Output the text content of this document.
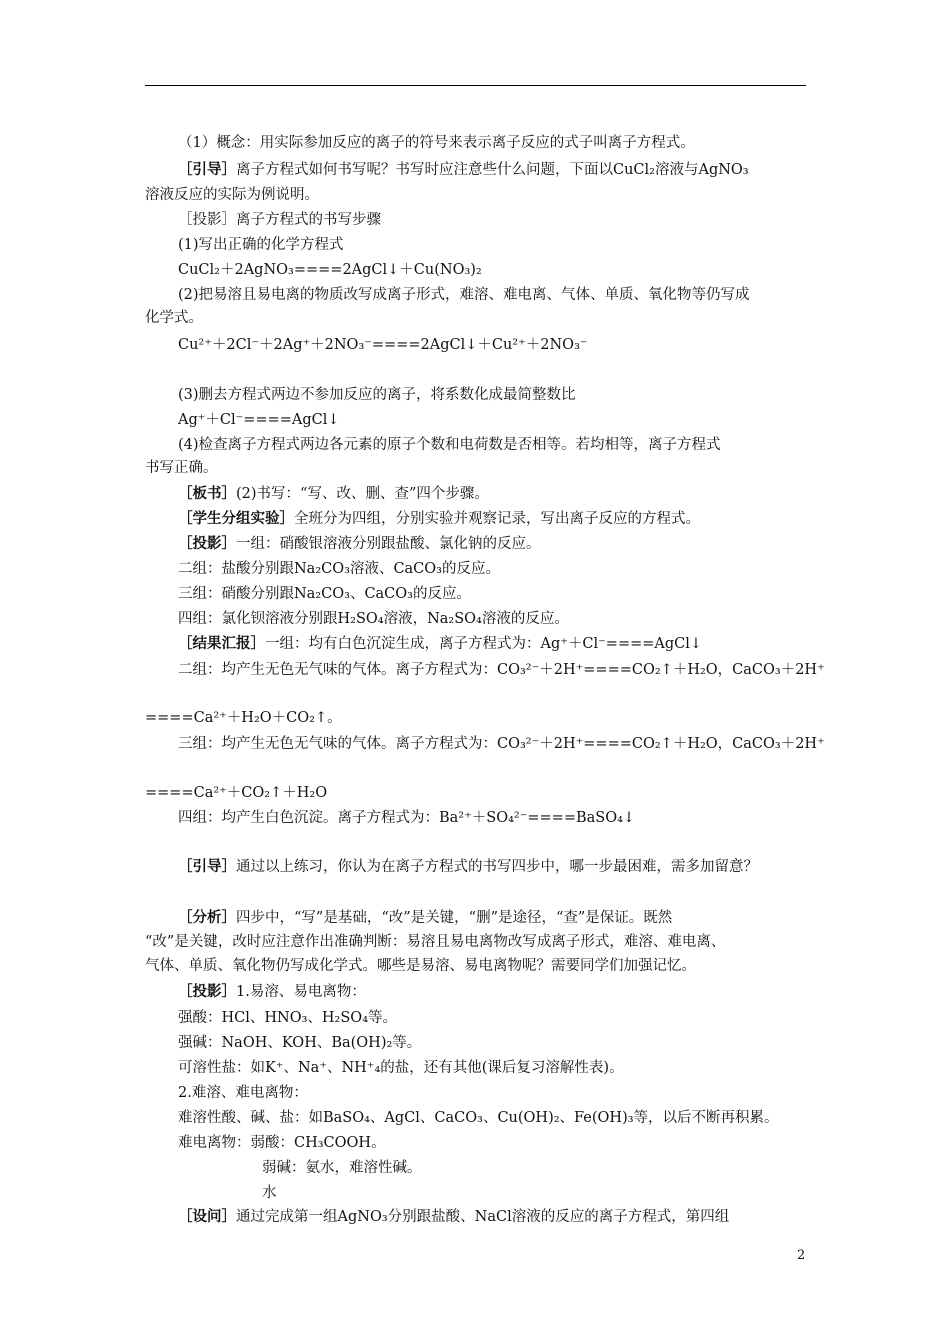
（1）概念：用实际参加反应的离子的符号来表示离子反应的式子叫离子方程式。
［引导］离子方程式如何书写呢？书写时应注意些什么问题，下面以CuCl₂溶液与AgNO₃
溶液反应的实际为例说明。
［投影］离子方程式的书写步骤
(1)写出正确的化学方程式
CuCl₂＋2AgNO₃====2AgCl↓＋Cu(NO₃)₂
(2)把易溶且易电离的物质改写成离子形式，难溶、难电离、气体、单质、氧化物等仍写成
化学式。
Cu²⁺＋2Cl⁻＋2Ag⁺＋2NO₃⁻====2AgCl↓＋Cu²⁺＋2NO₃⁻
(3)删去方程式两边不参加反应的离子，将系数化成最简整数比
Ag⁺＋Cl⁻====AgCl↓
(4)检查离子方程式两边各元素的原子个数和电荷数是否相等。若均相等，离子方程式
书写正确。
［板书］(2)书写：“写、改、删、查”四个步骤。
［学生分组实验］全班分为四组，分别实验并观察记录，写出离子反应的方程式。
［投影］一组：硝酸银溶液分别跟盐酸、氯化钠的反应。
二组：盐酸分别跟Na₂CO₃溶液、CaCO₃的反应。
三组：硝酸分别跟Na₂CO₃、CaCO₃的反应。
四组：氯化钡溶液分别跟H₂SO₄溶液，Na₂SO₄溶液的反应。
［结果汇报］一组：均有白色沉淀生成，离子方程式为：Ag⁺＋Cl⁻====AgCl↓
二组：均产生无色无气味的气体。离子方程式为：CO₃²⁻＋2H⁺====CO₂↑＋H₂O，CaCO₃＋2H⁺
====Ca²⁺＋H₂O＋CO₂↑。
三组：均产生无色无气味的气体。离子方程式为：CO₃²⁻＋2H⁺====CO₂↑＋H₂O，CaCO₃＋2H⁺
====Ca²⁺＋CO₂↑＋H₂O
四组：均产生白色沉淀。离子方程式为：Ba²⁺＋SO₄²⁻====BaSO₄↓
［引导］通过以上练习，你认为在离子方程式的书写四步中，哪一步最困难，需多加留意？
［分析］四步中，“写”是基础，“改”是关键，“删”是途径，“查”是保证。既然
“改”是关键，改时应注意作出准确判断：易溶且易电离物改写成离子形式，难溶、难电离、
气体、单质、氧化物仍写成化学式。哪些是易溶、易电离物呢？需要同学们加强记忆。
［投影］1.易溶、易电离物：
强酸：HCl、HNO₃、H₂SO₄等。
强碱：NaOH、KOH、Ba(OH)₂等。
可溶性盐：如K⁺、Na⁺、NH⁺₄的盐，还有其他(课后复习溶解性表)。
2.难溶、难电离物：
难溶性酸、碱、盐：如BaSO₄、AgCl、CaCO₃、Cu(OH)₂、Fe(OH)₃等，以后不断再积累。
难电离物：弱酸：CH₃COOH。
弱碱：氨水，难溶性碱。
水
［设问］通过完成第一组AgNO₃分别跟盐酸、NaCl溶液的反应的离子方程式，第四组
2
